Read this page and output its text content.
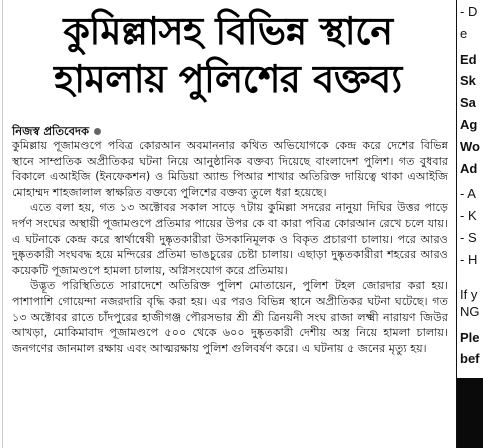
কুমিল্লাসহ বিভিন্ন স্থানে
হামলায় পুলিশের বক্তব্য
নিজস্ব প্রতিবেদক

কুমিল্লায় পূজামণ্ডপে পবিত্র কোরআন অবমাননার কথিত অভিযোগকে কেন্দ্র করে দেশের বিভিন্ন স্থানে সাম্প্রতিক অপ্রীতিকর ঘটনা নিয়ে আনুষ্ঠানিক বক্তব্য দিয়েছে বাংলাদেশ পুলিশ। গত বুধবার বিকালে এআইজি (ইনফেকশন) ও মিডিয়া অ্যান্ড পিআর শাখার অতিরিক্ত দায়িত্বে থাকা এআইজি মোহাম্মদ শাহজালাল স্বাক্ষরিত বক্তব্যে পুলিশের বক্তব্য তুলে ধরা হয়েছে।

এতে বলা হয়, গত ১৩ অক্টোবর সকাল সাড়ে ৭টায় কুমিল্লা সদরের নানুয়া দিঘির উত্তর পাড়ে দর্পণ সংঘের অস্থায়ী পূজামণ্ডপে প্রতিমার পায়ের উপর কে বা কারা পবিত্র কোরআন রেখে চলে যায়। এ ঘটনাকে কেন্দ্র করে স্বার্থান্বেষী দুষ্কৃতকারীরা উসকানিমূলক ও বিকৃত প্রচারণা চালায়। পরে আরও দুষ্কৃতকারী সংঘবদ্ধ হয়ে মন্দিরের প্রতিমা ভাঙচুরের চেষ্টা চালায়। এছাড়া দুষ্কৃতকারীরা শহরের আরও কয়েকটি পূজামণ্ডপে হামলা চালায়, অগ্নিসংযোগ করে প্রতিমায়।

উদ্ভূত পরিস্থিতিতে সারাদেশে অতিরিক্ত পুলিশ মোতায়েন, পুলিশ টহল জোরদার করা হয়। পাশাপাশি গোয়েন্দা নজরদারি বৃদ্ধি করা হয়। এর পরও বিভিন্ন স্থানে অপ্রীতিকর ঘটনা ঘটেছে। গত ১৩ অক্টোবর রাতে চাঁদপুরের হাজীগঞ্জ পৌরসভার শ্রী শ্রী ত্রিনয়নী সংঘ রাজা লক্ষ্মী নারায়ণ জিউর আখড়া, মোকিমাবাদ পূজামণ্ডপে ৫০০ থেকে ৬০০ দুষ্কৃতকারী দেশীয় অস্ত্র নিয়ে হামলা চালায়। জনগণের জানমাল রক্ষায় এবং আত্মরক্ষায় পুলিশ গুলিবর্ষণ করে। এ ঘটনায় ৫ জনের মৃত্যু হয়।

- D
e
Ed
Sk
Sa
Ag
Wo
Ad
- A
- K
- S
- H
If y
NG
Ple
bef
